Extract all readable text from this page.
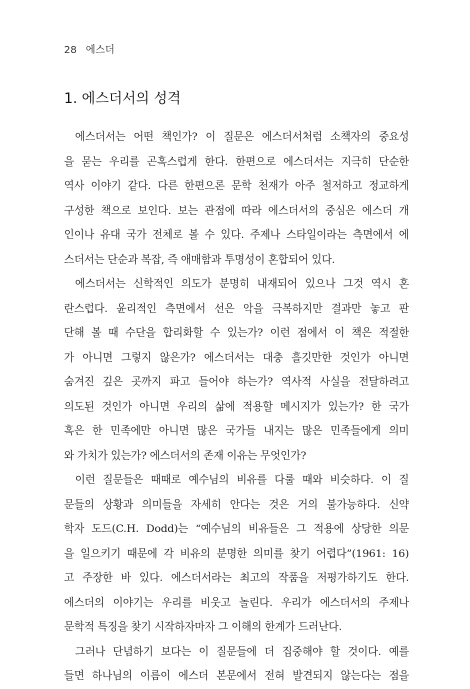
28 에스더
1. 에스더서의 성격
에스더서는 어떤 책인가? 이 질문은 에스더서처럼 소책자의 중요성
을 묻는 우리를 곤혹스럽게 한다. 한편으로 에스더서는 지극히 단순한
역사 이야기 같다. 다른 한편으론 문학 천재가 아주 철저하고 정교하게
구성한 책으로 보인다. 보는 관점에 따라 에스더서의 중심은 에스더 개
인이나 유대 국가 전체로 볼 수 있다. 주제나 스타일이라는 측면에서 에
스더서는 단순과 복잡, 즉 애매함과 투명성이 혼합되어 있다.
에스더서는 신학적인 의도가 분명히 내재되어 있으나 그것 역시 혼
란스럽다. 윤리적인 측면에서 선은 악을 극복하지만 결과만 놓고 판
단해 볼 때 수단을 합리화할 수 있는가? 이런 점에서 이 책은 적절한
가 아니면 그렇지 않은가? 에스더서는 대충 흘깃만한 것인가 아니면
숨겨진 깊은 곳까지 파고 들어야 하는가? 역사적 사실을 전달하려고
의도된 것인가 아니면 우리의 삶에 적용할 메시지가 있는가? 한 국가
혹은 한 민족에만 아니면 많은 국가들 내지는 많은 민족들에게 의미
와 가치가 있는가? 에스더서의 존재 이유는 무엇인가?
이런 질문들은 때때로 예수님의 비유를 다룰 때와 비슷하다. 이 질
문들의 상황과 의미들을 자세히 안다는 것은 거의 불가능하다. 신약
학자 도드(C.H. Dodd)는 “예수님의 비유들은 그 적용에 상당한 의문
을 일으키기 때문에 각 비유의 분명한 의미를 찾기 어렵다”(1961: 16)
고 주장한 바 있다. 에스더서라는 최고의 작품을 저평가하기도 한다.
에스더의 이야기는 우리를 비웃고 놀린다. 우리가 에스더서의 주제나
문학적 특징을 찾기 시작하자마자 그 이해의 한계가 드러난다.
그러나 단념하기 보다는 이 질문들에 더 집중해야 할 것이다. 예를
들면 하나님의 이름이 에스더 본문에서 전혀 발견되지 않는다는 점을
